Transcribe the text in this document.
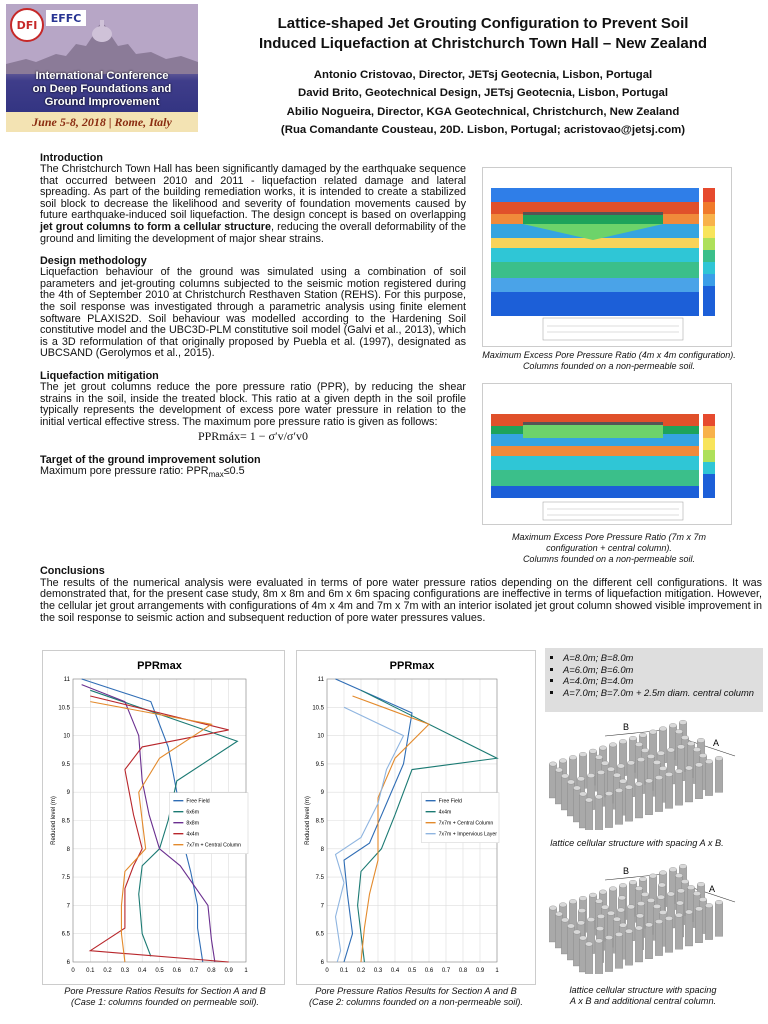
DFI
EFFC
International Conference
on Deep Foundations and
Ground Improvement
June 5-8, 2018 | Rome, Italy
Lattice-shaped Jet Grouting Configuration to Prevent Soil
Induced Liquefaction at Christchurch Town Hall – New Zealand
Antonio Cristovao, Director, JETsj Geotecnia, Lisbon, Portugal
David Brito, Geotechnical Design, JETsj Geotecnia, Lisbon, Portugal
Abilio Nogueira, Director, KGA Geotechnical, Christchurch, New Zealand
(Rua Comandante Cousteau, 20D. Lisbon, Portugal; acristovao@jetsj.com)
Introduction

The Christchurch Town Hall has been significantly damaged by the earthquake sequence that occurred between 2010 and 2011 - liquefaction related damage and lateral spreading. As part of the building remediation works, it is intended to create a stabilized soil block to decrease the likelihood and severity of foundation movements caused by future earthquake-induced soil liquefaction. The design concept is based on overlapping jet grout columns to form a cellular structure, reducing the overall deformability of the ground and limiting the development of major shear strains.

Design methodology

Liquefaction behaviour of the ground was simulated using a combination of soil parameters and jet-grouting columns subjected to the seismic motion registered during the 4th of September 2010 at Christchurch Resthaven Station (REHS). For this purpose, the soil response was investigated through a parametric analysis using finite element software PLAXIS2D. Soil behaviour was modelled according to the Hardening Soil constitutive model and the UBC3D-PLM constitutive soil model (Galvi et al., 2013), which is a 3D reformulation of that originally proposed by Puebla et al. (1997), designated as UBCSAND (Gerolymos et al., 2015).

Liquefaction mitigation

The jet grout columns reduce the pore pressure ratio (PPR), by reducing the shear strains in the soil, inside the treated block. This ratio at a given depth in the soil profile typically represents the development of excess pore water pressure in relation to the initial vertical effective stress. The maximum pore pressure ratio is given as follows:

PPRmáx= 1 − σ′v/σ′v0
Target of the ground improvement solution

Maximum pore pressure ratio: $PPR_{max}\le 0.5$

Conclusions
The results of the numerical analysis were evaluated in terms of pore water pressure ratios depending on the different cell configurations. It was demonstrated that, for the present case study, 8m x 8m and 6m x 6m spacing configurations are ineffective in terms of liquefaction mitigation. However, the cellular jet grout arrangements with configurations of 4m x 4m and 7m x 7m with an interior isolated jet grout column showed visible improvement in the soil response to seismic action and subsequent reduction of pore water pressures values.
Maximum Excess Pore Pressure Ratio (4m x 4m configuration). Columns founded on a non-permeable soil.
Maximum Excess Pore Pressure Ratio (7m x 7m
configuration + central column).
Columns founded on a non-permeable soil.
PPRmax
0 0.1 0.2 0.3 0.4 0.5 0.6 0.7 0.8 0.9 1
6
6.5
7
7.5
8
8.5
9
9.5
10
10.5
11
Reduced level (m)	Free Field
6x6m
8x8m
4x4m
7x7m + Central Column
Pore Pressure Ratios Results for Section A and B
(Case 1: columns founded on permeable soil).
PPRmax
0 0.1 0.2 0.3 0.4 0.5 0.6 0.7 0.8 0.9 1
6
6.5
7
7.5
8
8.5
9
9.5
10
10.5
11
Reduced level (m)	Free Field
4x4m
7x7m + Central Column
7x7m + Impervious Layer
Pore Pressure Ratios Results for Section A and B
(Case 2: columns founded on a non-permeable soil).
▪ A=8.0m; B=8.0m
▪ A=6.0m; B=6.0m
▪ A=4.0m; B=4.0m
▪ A=7.0m; B=7.0m + 2.5m diam. central column
B
A
lattice cellular structure with spacing A x B.
B
A
lattice cellular structure with spacing
A x B and additional central column.
